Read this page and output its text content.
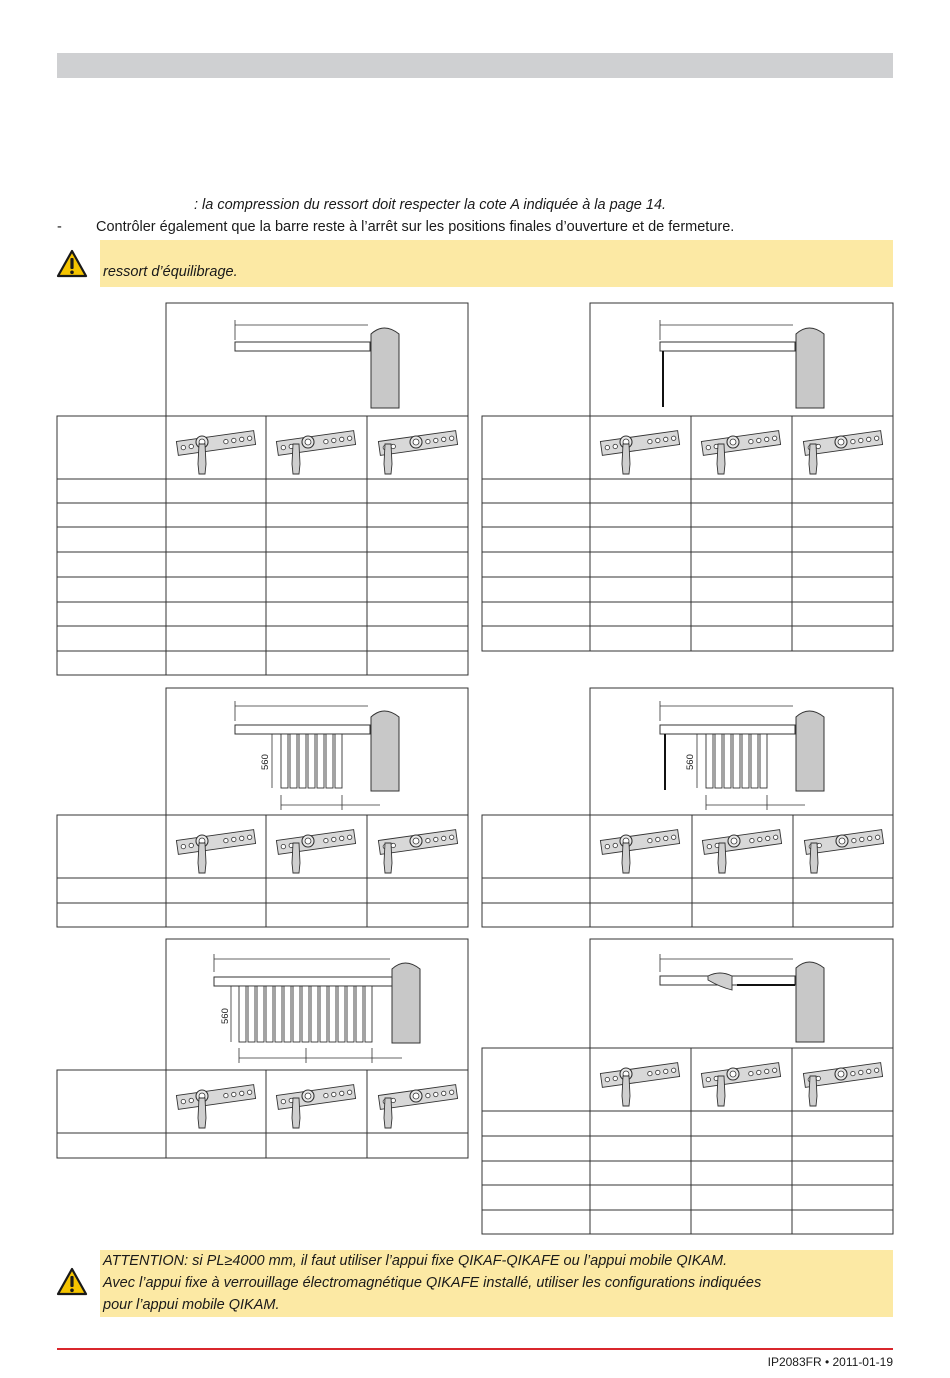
: la compression du ressort doit respecter la cote A indiquée à la page 14.
- Contrôler également que la barre reste à l’arrêt sur les positions finales d’ouverture et de fermeture.
ressort d’équilibrage.
560	560
560
ATTENTION: si PL≥4000 mm, il faut utiliser l’appui fixe QIKAF-QIKAFE ou l’appui mobile QIKAM.
Avec l’appui fixe à verrouillage électromagnétique QIKAFE installé, utiliser les configurations indiquées
pour l’appui mobile QIKAM.
IP2083FR • 2011-01-19
